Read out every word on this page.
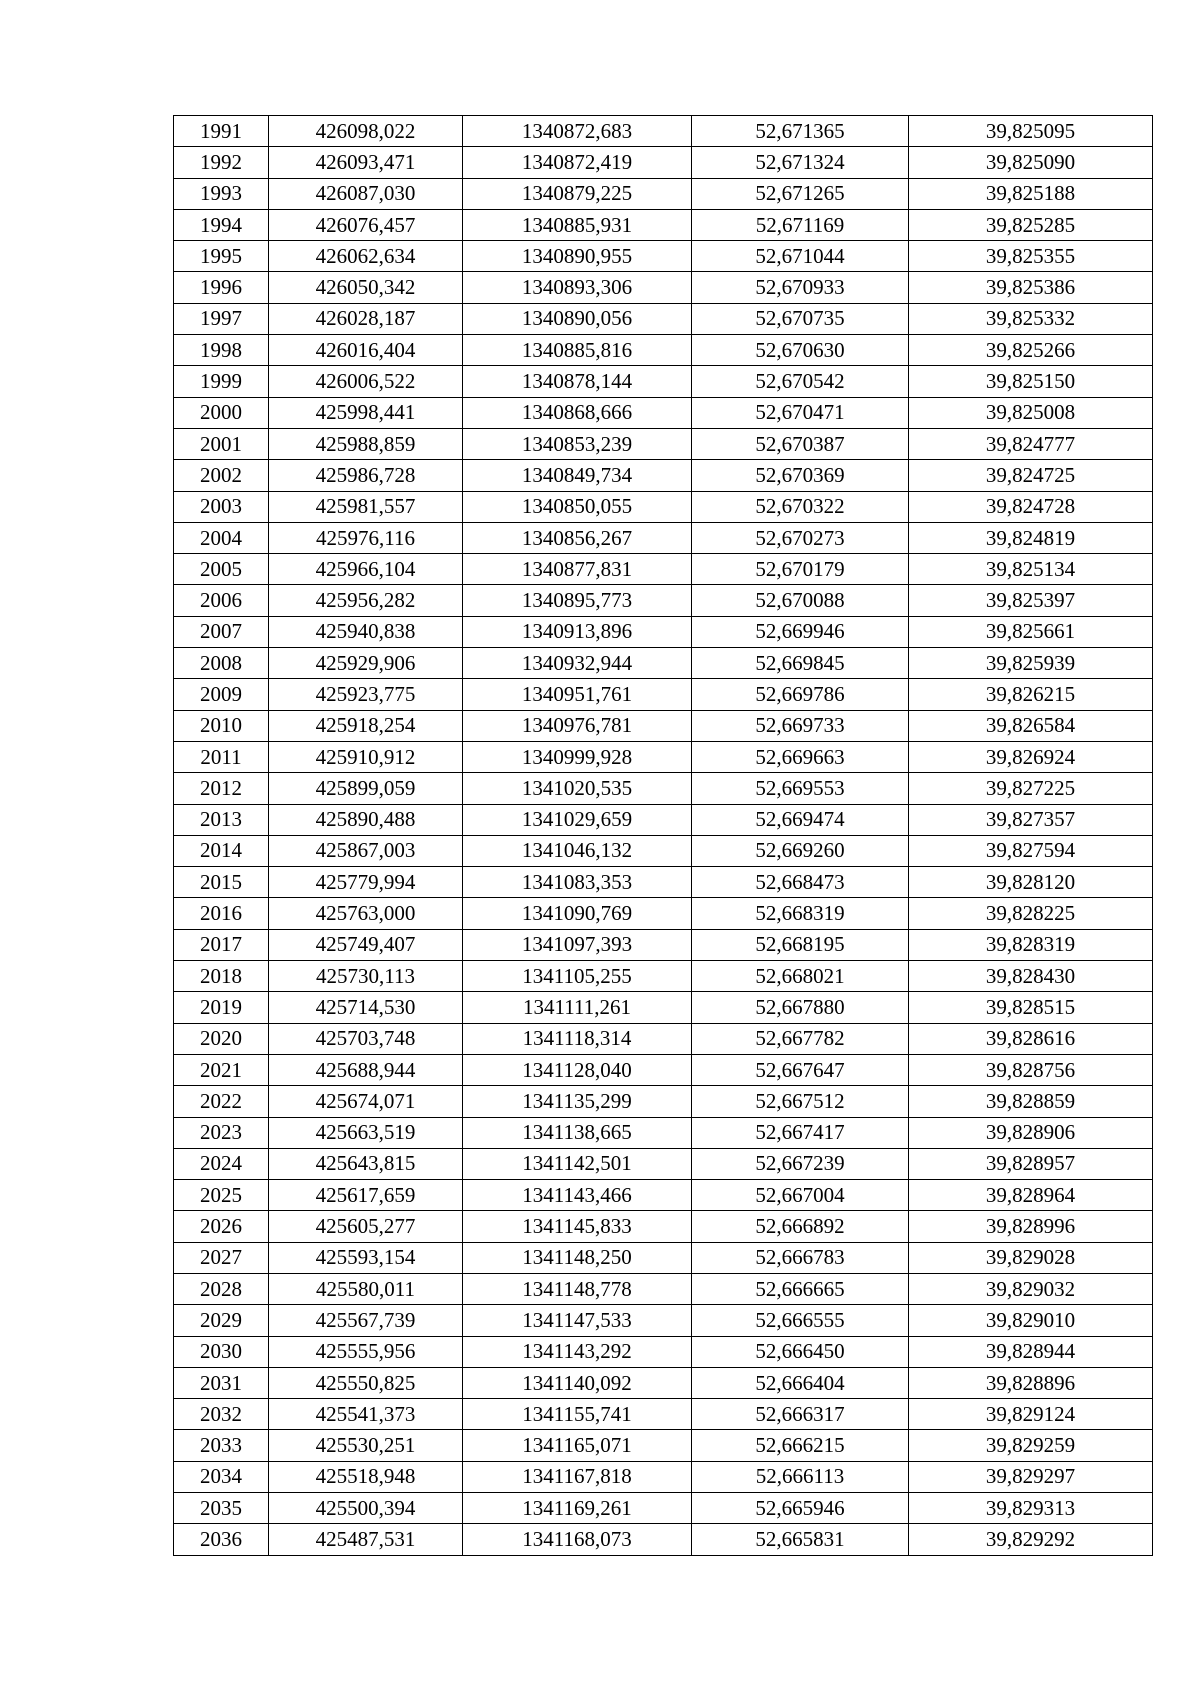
1991	426098,022	1340872,683	52,671365	39,825095
1992	426093,471	1340872,419	52,671324	39,825090
1993	426087,030	1340879,225	52,671265	39,825188
1994	426076,457	1340885,931	52,671169	39,825285
1995	426062,634	1340890,955	52,671044	39,825355
1996	426050,342	1340893,306	52,670933	39,825386
1997	426028,187	1340890,056	52,670735	39,825332
1998	426016,404	1340885,816	52,670630	39,825266
1999	426006,522	1340878,144	52,670542	39,825150
2000	425998,441	1340868,666	52,670471	39,825008
2001	425988,859	1340853,239	52,670387	39,824777
2002	425986,728	1340849,734	52,670369	39,824725
2003	425981,557	1340850,055	52,670322	39,824728
2004	425976,116	1340856,267	52,670273	39,824819
2005	425966,104	1340877,831	52,670179	39,825134
2006	425956,282	1340895,773	52,670088	39,825397
2007	425940,838	1340913,896	52,669946	39,825661
2008	425929,906	1340932,944	52,669845	39,825939
2009	425923,775	1340951,761	52,669786	39,826215
2010	425918,254	1340976,781	52,669733	39,826584
2011	425910,912	1340999,928	52,669663	39,826924
2012	425899,059	1341020,535	52,669553	39,827225
2013	425890,488	1341029,659	52,669474	39,827357
2014	425867,003	1341046,132	52,669260	39,827594
2015	425779,994	1341083,353	52,668473	39,828120
2016	425763,000	1341090,769	52,668319	39,828225
2017	425749,407	1341097,393	52,668195	39,828319
2018	425730,113	1341105,255	52,668021	39,828430
2019	425714,530	1341111,261	52,667880	39,828515
2020	425703,748	1341118,314	52,667782	39,828616
2021	425688,944	1341128,040	52,667647	39,828756
2022	425674,071	1341135,299	52,667512	39,828859
2023	425663,519	1341138,665	52,667417	39,828906
2024	425643,815	1341142,501	52,667239	39,828957
2025	425617,659	1341143,466	52,667004	39,828964
2026	425605,277	1341145,833	52,666892	39,828996
2027	425593,154	1341148,250	52,666783	39,829028
2028	425580,011	1341148,778	52,666665	39,829032
2029	425567,739	1341147,533	52,666555	39,829010
2030	425555,956	1341143,292	52,666450	39,828944
2031	425550,825	1341140,092	52,666404	39,828896
2032	425541,373	1341155,741	52,666317	39,829124
2033	425530,251	1341165,071	52,666215	39,829259
2034	425518,948	1341167,818	52,666113	39,829297
2035	425500,394	1341169,261	52,665946	39,829313
2036	425487,531	1341168,073	52,665831	39,829292
